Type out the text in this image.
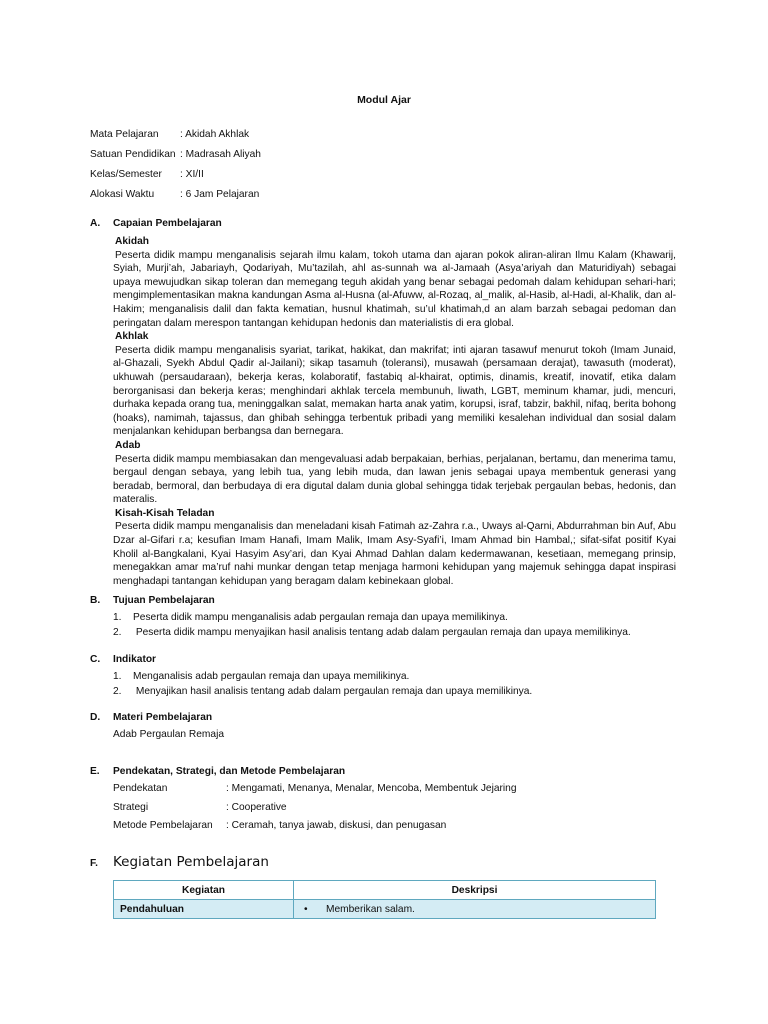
Modul Ajar
Mata Pelajaran	: Akidah Akhlak
Satuan Pendidikan : Madrasah Aliyah
Kelas/Semester	: XI/II
Alokasi Waktu	: 6 Jam Pelajaran
A.	Capaian Pembelajaran
Akidah

Peserta didik mampu menganalisis sejarah ilmu kalam, tokoh utama dan ajaran pokok aliran-aliran Ilmu Kalam (Khawarij, Syiah, Murji’ah, Jabariayh, Qodariyah, Mu’tazilah, ahl as-sunnah wa al-Jamaah (Asya’ariyah dan Maturidiyah) sebagai upaya mewujudkan sikap toleran dan memegang teguh akidah yang benar sebagai pedomah dalam kehidupan sehari-hari; mengimplementasikan makna kandungan Asma al-Husna (al-Afuww, al-Rozaq, al_malik, al-Hasib, al-Hadi, al-Khalik, dan al-Hakim; menganalisis dalil dan fakta kematian, husnul khatimah, su’ul khatimah,d an alam barzah sebagai pedoman dan peringatan dalam merespon tantangan kehidupan hedonis dan materialistis di era global.

Akhlak

Peserta didik mampu menganalisis syariat, tarikat, hakikat, dan makrifat; inti ajaran tasawuf menurut tokoh (Imam Junaid, al-Ghazali, Syekh Abdul Qadir al-Jailani); sikap tasamuh (toleransi), musawah (persamaan derajat), tawasuth (moderat), ukhuwah (persaudaraan), bekerja keras, kolaboratif, fastabiq al-khairat, optimis, dinamis, kreatif, inovatif, etika dalam berorganisasi dan bekerja keras; menghindari akhlak tercela membunuh, liwath, LGBT, meminum khamar, judi, mencuri, durhaka kepada orang tua, meninggalkan salat, memakan harta anak yatim, korupsi, israf, tabzir, bakhil, nifaq, berita bohong (hoaks), namimah, tajassus, dan ghibah sehingga terbentuk pribadi yang memiliki kesalehan individual dan sosial dalam menjalankan kehidupan berbangsa dan bernegara.

Adab

Peserta didik mampu membiasakan dan mengevaluasi adab berpakaian, berhias, perjalanan, bertamu, dan menerima tamu, bergaul dengan sebaya, yang lebih tua, yang lebih muda, dan lawan jenis sebagai upaya membentuk generasi yang beradab, bermoral, dan berbudaya di era digutal dalam dunia global sehingga tidak terjebak pergaulan bebas, hedonis, dan materalis.

Kisah-Kisah Teladan

Peserta didik mampu menganalisis dan meneladani kisah Fatimah az-Zahra r.a., Uways al-Qarni, Abdurrahman bin Auf, Abu Dzar al-Gifari r.a; kesufian Imam Hanafi, Imam Malik, Imam Asy-Syafi’i, Imam Ahmad bin Hambal,; sifat-sifat positif Kyai Kholil al-Bangkalani, Kyai Hasyim Asy’ari, dan Kyai Ahmad Dahlan dalam kedermawanan, kesetiaan, memegang prinsip, menegakkan amar ma’ruf nahi munkar dengan tetap menjaga harmoni kehidupan yang majemuk sehingga dapat inspirasi menghadapi tantangan kehidupan yang beragam dalam kebinekaan global.

B.	Tujuan Pembelajaran
1.	Peserta didik mampu menganalisis adab pergaulan remaja dan upaya memilikinya.
2.	Peserta didik mampu menyajikan hasil analisis tentang adab dalam pergaulan remaja dan upaya memilikinya.
C.	Indikator
1.	Menganalisis adab pergaulan remaja dan upaya memilikinya.
2.	Menyajikan hasil analisis tentang adab dalam pergaulan remaja dan upaya memilikinya.
D.	Materi Pembelajaran
Adab Pergaulan Remaja
E.	Pendekatan, Strategi, dan Metode Pembelajaran
Pendekatan	: Mengamati, Menanya, Menalar, Mencoba, Membentuk Jejaring
Strategi	: Cooperative
Metode Pembelajaran	: Ceramah, tanya jawab, diskusi, dan penugasan
F.	Kegiatan Pembelajaran
Kegiatan	Deskripsi
Pendahuluan	• Memberikan salam.
